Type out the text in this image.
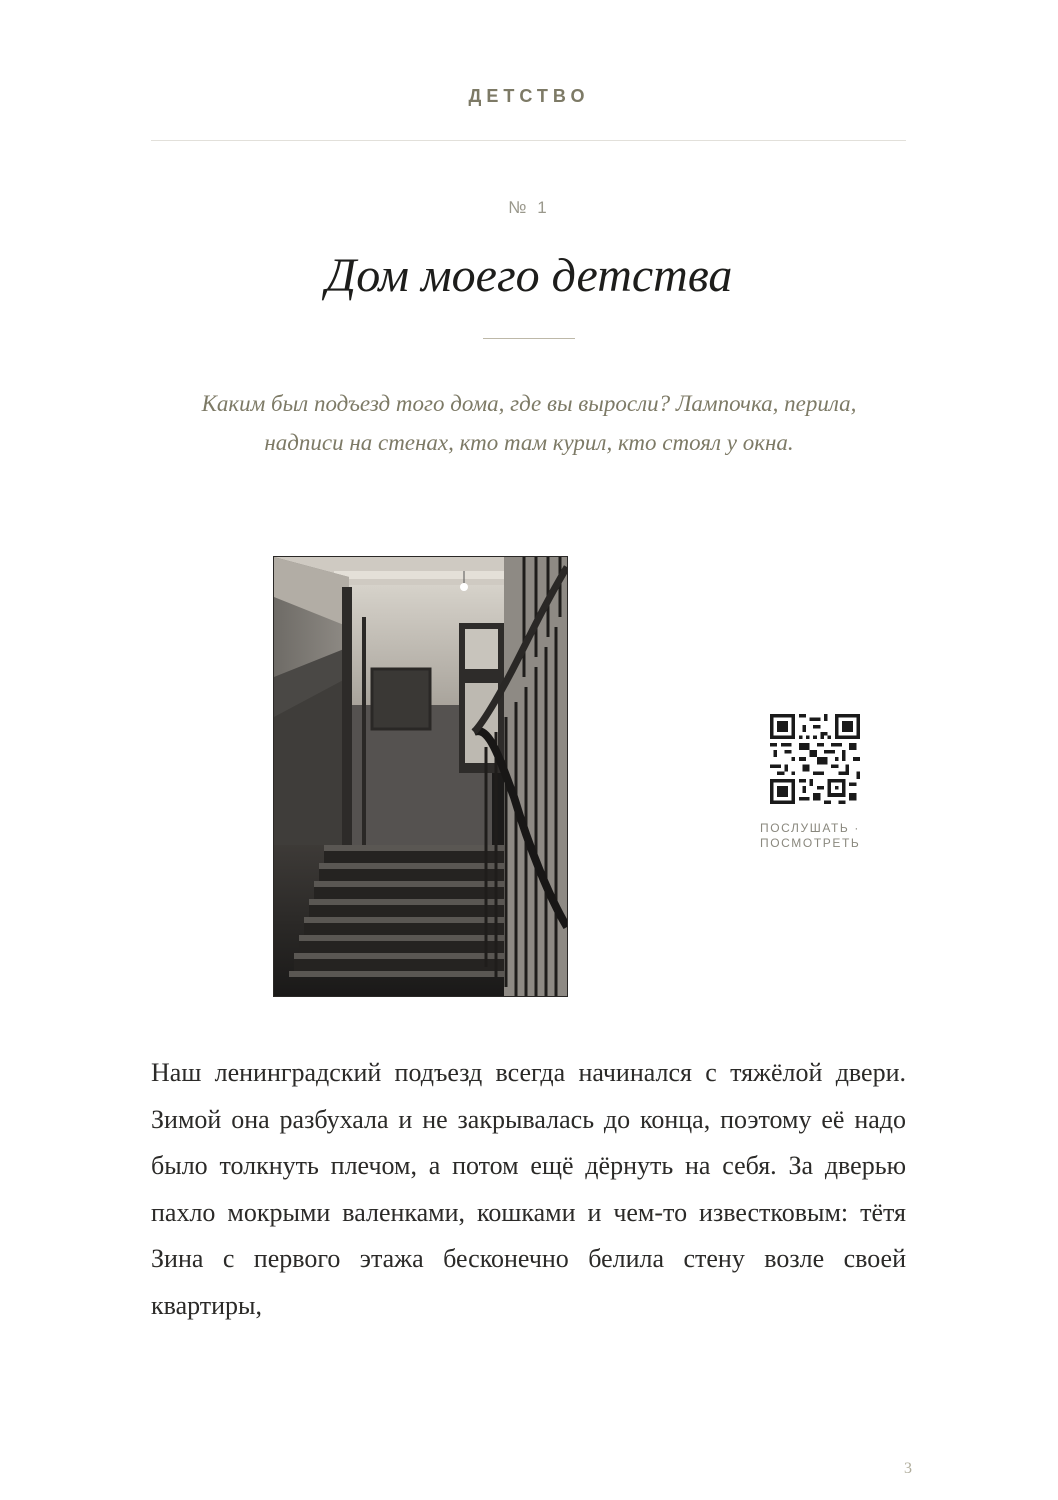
ДЕТСТВО
№ 1
Дом моего детства
Каким был подъезд того дома, где вы выросли? Лампочка, перила, надписи на стенах, кто там курил, кто стоял у окна.
ПОСЛУШАТЬ ·
ПОСМОТРЕТЬ
Наш ленинградский подъезд всегда начинался с тяжёлой двери. Зимой она разбухала и не закрывалась до конца, поэтому её надо было толкнуть плечом, а потом ещё дёрнуть на себя. За дверью пахло мокрыми валенками, кошками и чем-то известковым: тётя Зина с первого этажа бесконечно белила стену возле своей квартиры,
3
